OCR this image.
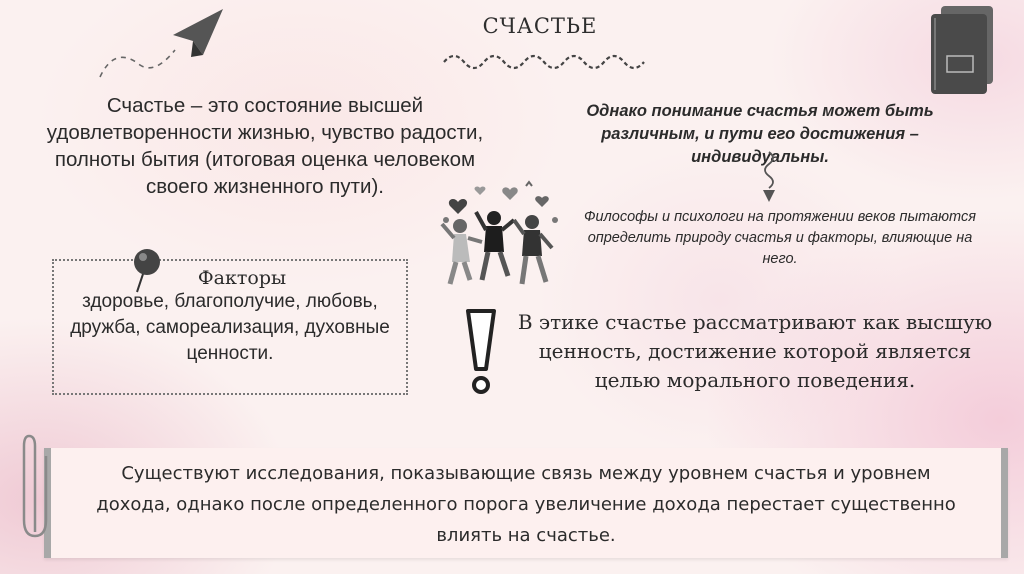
СЧАСТЬЕ
Счастье – это состояние высшей удовлетворенности жизнью, чувство радости, полноты бытия (итоговая оценка человеком своего жизненного пути).
Однако понимание счастья может быть различным, и пути его достижения – индивидуальны.
Философы и психологи на протяжении веков пытаются определить природу счастья и факторы, влияющие на него.
Факторы
здоровье, благополучие, любовь, дружба, самореализация, духовные ценности.
В этике счастье рассматривают как высшую ценность, достижение которой является целью морального поведения.
Существуют исследования, показывающие связь между уровнем счастья и уровнем дохода, однако после определенного порога увеличение дохода перестает существенно влиять на счастье.
